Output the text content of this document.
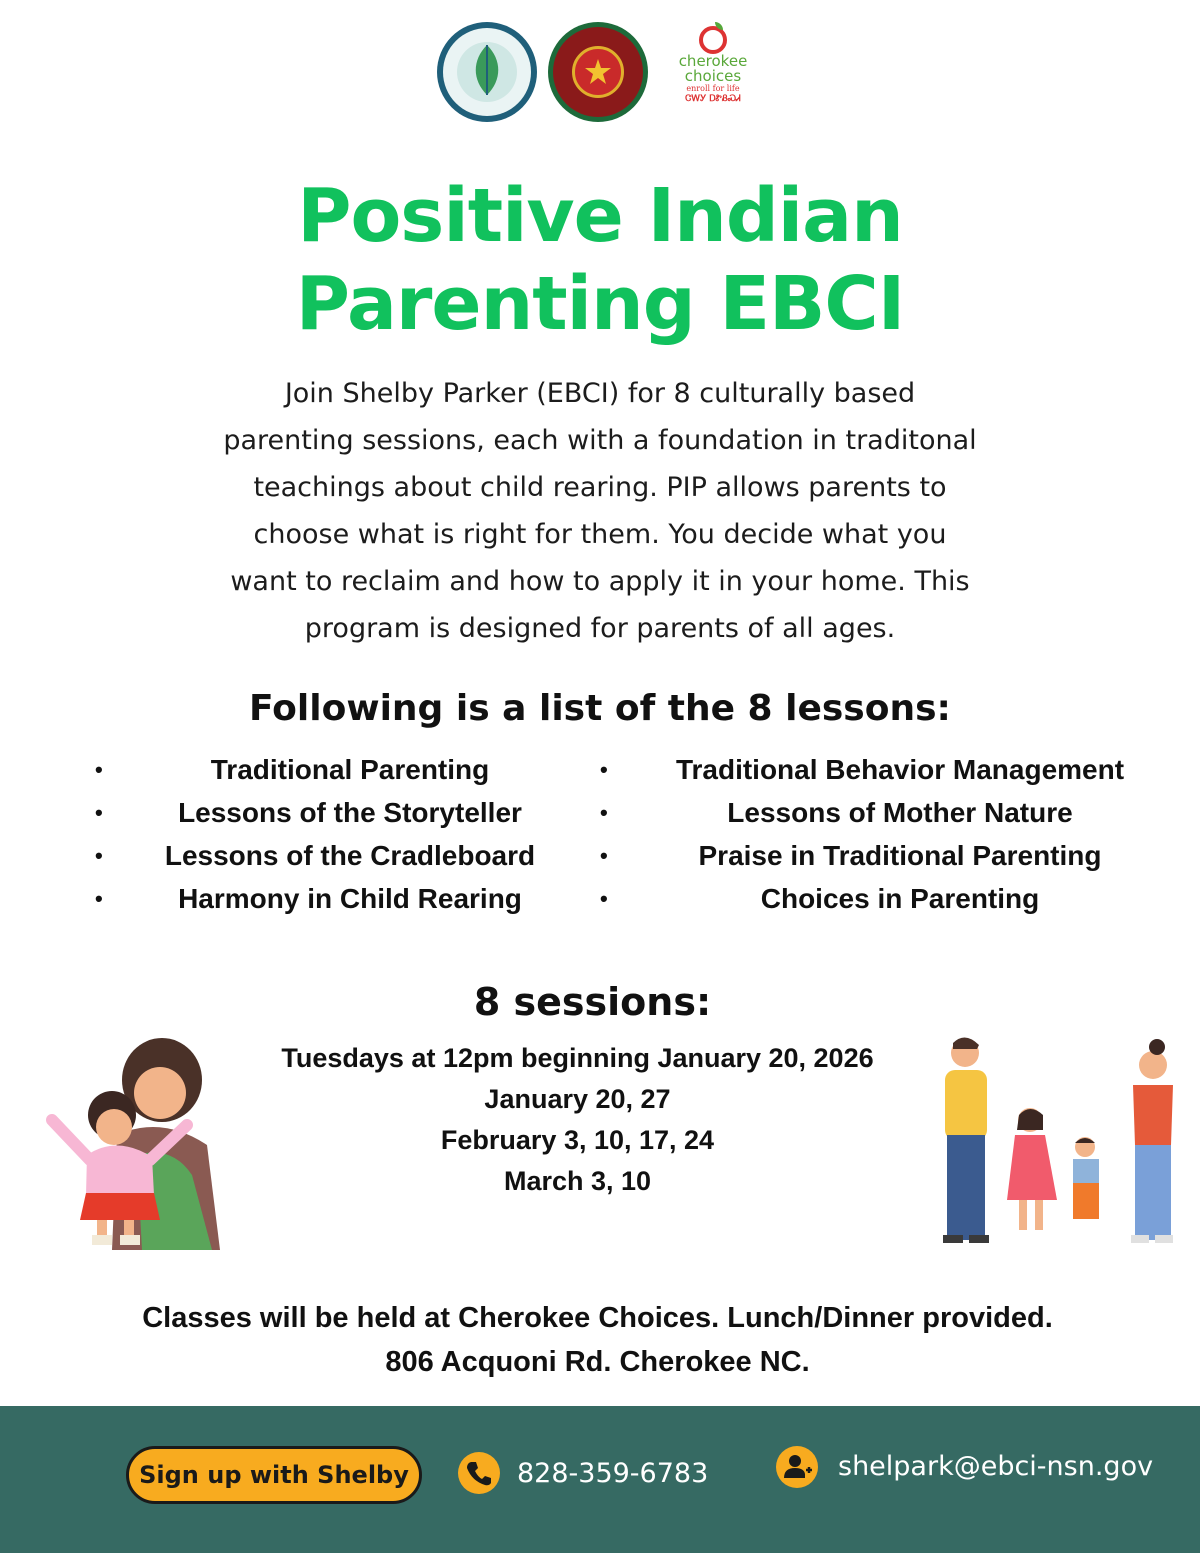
cherokee
choices
enroll for life
ᏣᎳᎩ ᎠᏑᏰᏍᏗ
Positive Indian
Parenting EBCI
Join Shelby Parker (EBCI) for 8 culturally based
parenting sessions, each with a foundation in traditonal
teachings about child rearing. PIP allows parents to
choose what is right for them. You decide what you
want to reclaim and how to apply it in your home. This
program is designed for parents of all ages.
Following is a list of the 8 lessons:
•	Traditional Parenting
•	Lessons of the Storyteller
• Lessons of the Cradleboard
•	Harmony in Child Rearing
• Traditional Behavior Management
•	Lessons of Mother Nature
•	Praise in Traditional Parenting
•	Choices in Parenting
8 sessions:
Tuesdays at 12pm beginning January 20, 2026
January 20, 27
February 3, 10, 17, 24
March 3, 10
Classes will be held at Cherokee Choices. Lunch/Dinner provided.
806 Acquoni Rd. Cherokee NC.
Sign up with Shelby	828-359-6783	shelpark@ebci-nsn.gov
